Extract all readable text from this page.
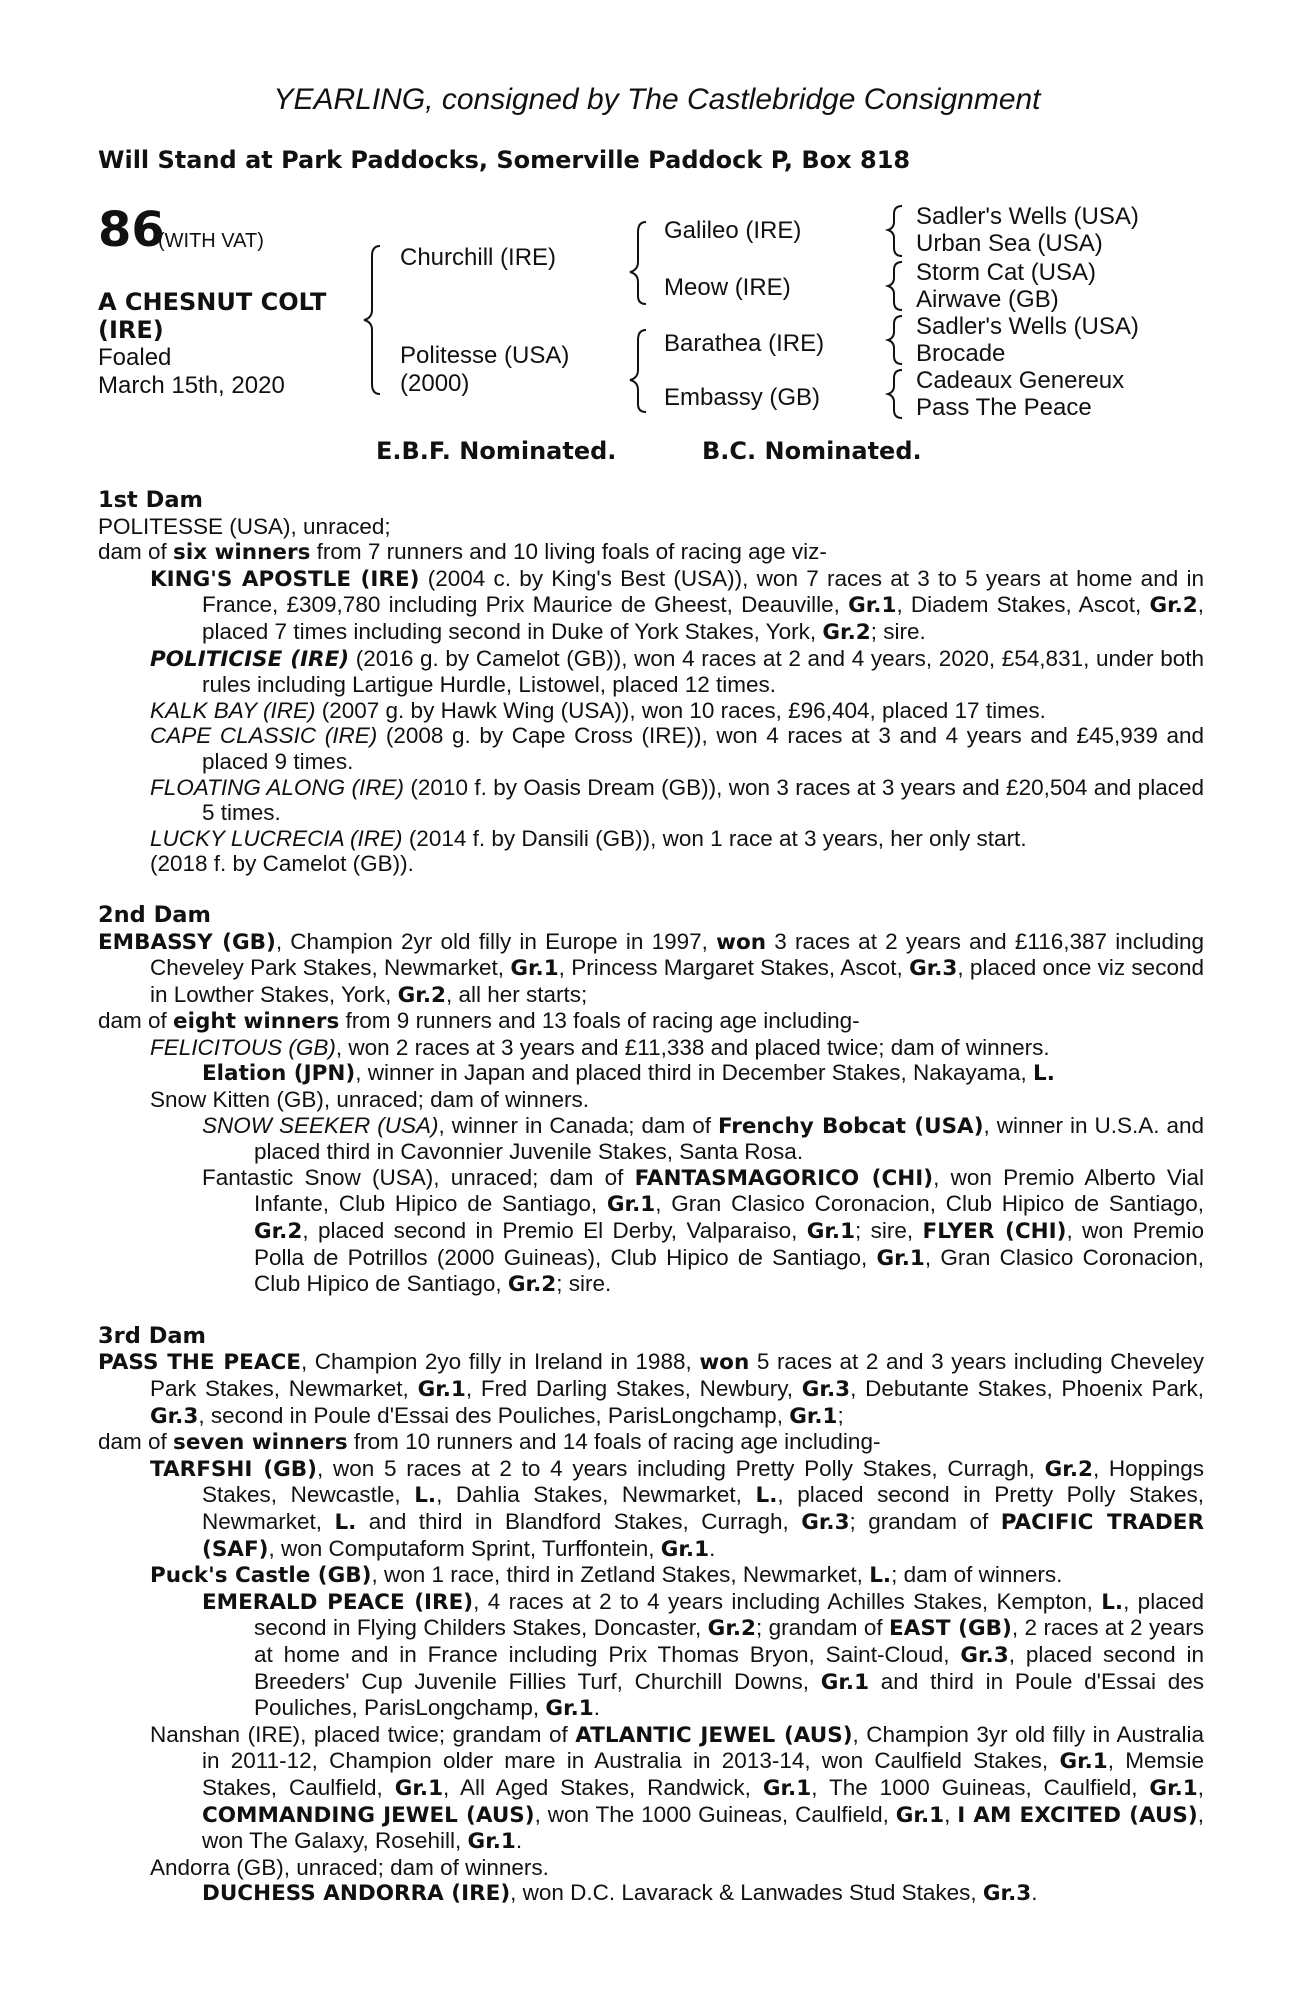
YEARLING, consigned by The Castlebridge Consignment
Will Stand at Park Paddocks, Somerville Paddock P, Box 818
86
(WITH VAT)
A CHESNUT COLT
(IRE)
Foaled
March 15th, 2020
Churchill (IRE)
Politesse (USA)
(2000)
Galileo (IRE)
Meow (IRE)
Barathea (IRE)
Embassy (GB)
Sadler's Wells (USA)
Urban Sea (USA)
Storm Cat (USA)
Airwave (GB)
Sadler's Wells (USA)
Brocade
Cadeaux Genereux
Pass The Peace
E.B.F. Nominated.	B.C. Nominated.
1st Dam
POLITESSE (USA), unraced;
dam of six winners from 7 runners and 10 living foals of racing age viz-
KING'S APOSTLE (IRE) (2004 c. by King's Best (USA)), won 7 races at 3 to 5 years at home and in France, £309,780 including Prix Maurice de Gheest, Deauville, Gr.1, Diadem Stakes, Ascot, Gr.2, placed 7 times including second in Duke of York Stakes, York, Gr.2; sire.
POLITICISE (IRE) (2016 g. by Camelot (GB)), won 4 races at 2 and 4 years, 2020, £54,831, under both rules including Lartigue Hurdle, Listowel, placed 12 times.
KALK BAY (IRE) (2007 g. by Hawk Wing (USA)), won 10 races, £96,404, placed 17 times.
CAPE CLASSIC (IRE) (2008 g. by Cape Cross (IRE)), won 4 races at 3 and 4 years and £45,939 and placed 9 times.
FLOATING ALONG (IRE) (2010 f. by Oasis Dream (GB)), won 3 races at 3 years and £20,504 and placed 5 times.
LUCKY LUCRECIA (IRE) (2014 f. by Dansili (GB)), won 1 race at 3 years, her only start.
(2018 f. by Camelot (GB)).
2nd Dam
EMBASSY (GB), Champion 2yr old filly in Europe in 1997, won 3 races at 2 years and £116,387 including Cheveley Park Stakes, Newmarket, Gr.1, Princess Margaret Stakes, Ascot, Gr.3, placed once viz second in Lowther Stakes, York, Gr.2, all her starts;
dam of eight winners from 9 runners and 13 foals of racing age including-
FELICITOUS (GB), won 2 races at 3 years and £11,338 and placed twice; dam of winners.
Elation (JPN), winner in Japan and placed third in December Stakes, Nakayama, L.
Snow Kitten (GB), unraced; dam of winners.
SNOW SEEKER (USA), winner in Canada; dam of Frenchy Bobcat (USA), winner in U.S.A. and placed third in Cavonnier Juvenile Stakes, Santa Rosa.
Fantastic Snow (USA), unraced; dam of FANTASMAGORICO (CHI), won Premio Alberto Vial Infante, Club Hipico de Santiago, Gr.1, Gran Clasico Coronacion, Club Hipico de Santiago, Gr.2, placed second in Premio El Derby, Valparaiso, Gr.1; sire, FLYER (CHI), won Premio Polla de Potrillos (2000 Guineas), Club Hipico de Santiago, Gr.1, Gran Clasico Coronacion, Club Hipico de Santiago, Gr.2; sire.
3rd Dam
PASS THE PEACE, Champion 2yo filly in Ireland in 1988, won 5 races at 2 and 3 years including Cheveley Park Stakes, Newmarket, Gr.1, Fred Darling Stakes, Newbury, Gr.3, Debutante Stakes, Phoenix Park, Gr.3, second in Poule d'Essai des Pouliches, ParisLongchamp, Gr.1;
dam of seven winners from 10 runners and 14 foals of racing age including-
TARFSHI (GB), won 5 races at 2 to 4 years including Pretty Polly Stakes, Curragh, Gr.2, Hoppings Stakes, Newcastle, L., Dahlia Stakes, Newmarket, L., placed second in Pretty Polly Stakes, Newmarket, L. and third in Blandford Stakes, Curragh, Gr.3; grandam of PACIFIC TRADER (SAF), won Computaform Sprint, Turffontein, Gr.1.
Puck's Castle (GB), won 1 race, third in Zetland Stakes, Newmarket, L.; dam of winners.
EMERALD PEACE (IRE), 4 races at 2 to 4 years including Achilles Stakes, Kempton, L., placed second in Flying Childers Stakes, Doncaster, Gr.2; grandam of EAST (GB), 2 races at 2 years at home and in France including Prix Thomas Bryon, Saint-Cloud, Gr.3, placed second in Breeders' Cup Juvenile Fillies Turf, Churchill Downs, Gr.1 and third in Poule d'Essai des Pouliches, ParisLongchamp, Gr.1.
Nanshan (IRE), placed twice; grandam of ATLANTIC JEWEL (AUS), Champion 3yr old filly in Australia in 2011-12, Champion older mare in Australia in 2013-14, won Caulfield Stakes, Gr.1, Memsie Stakes, Caulfield, Gr.1, All Aged Stakes, Randwick, Gr.1, The 1000 Guineas, Caulfield, Gr.1, COMMANDING JEWEL (AUS), won The 1000 Guineas, Caulfield, Gr.1, I AM EXCITED (AUS), won The Galaxy, Rosehill, Gr.1.
Andorra (GB), unraced; dam of winners.
DUCHESS ANDORRA (IRE), won D.C. Lavarack & Lanwades Stud Stakes, Gr.3.
